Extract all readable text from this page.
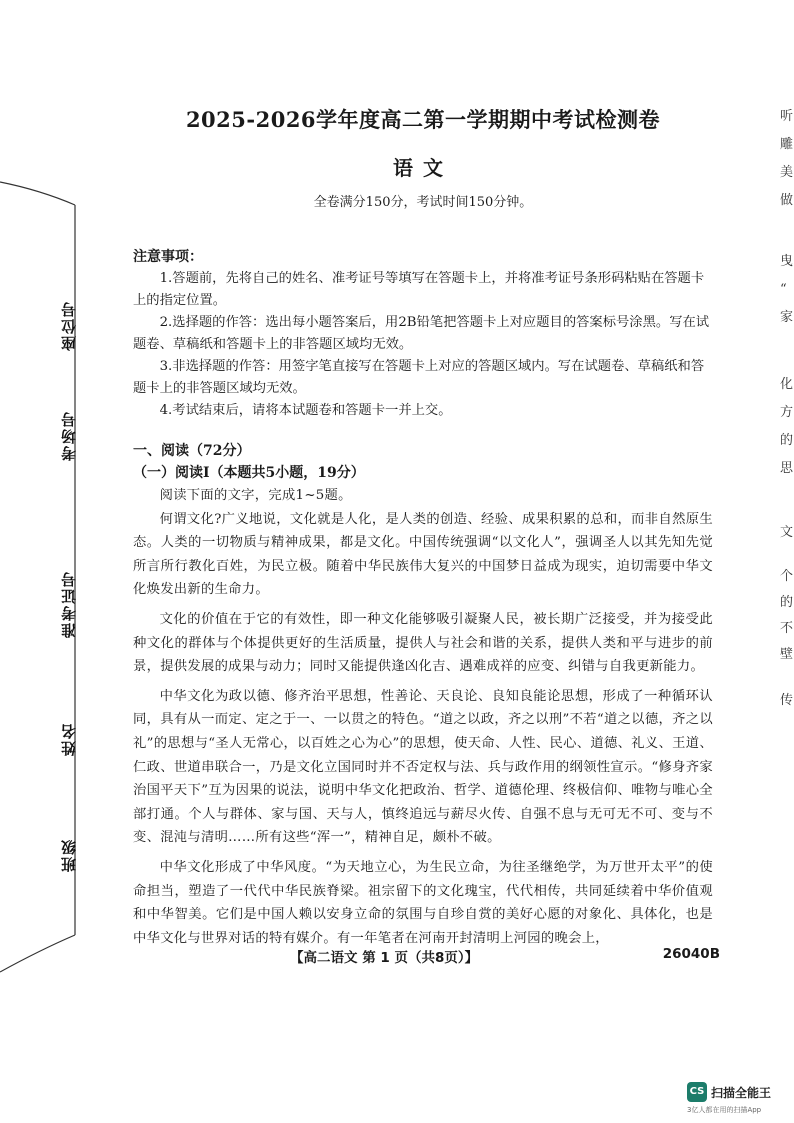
座位号
考场号
准考证号
姓名
班级
听
雕
美
做
曳
“
家
化
方
的
思
文
个
的
不
壁
传
2025-2026学年度高二第一学期期中考试检测卷
语文
全卷满分150分，考试时间150分钟。
注意事项：

1.答题前，先将自己的姓名、准考证号等填写在答题卡上，并将准考证号条形码粘贴在答题卡上的指定位置。

2.选择题的作答：选出每小题答案后，用2B铅笔把答题卡上对应题目的答案标号涂黑。写在试题卷、草稿纸和答题卡上的非答题区域均无效。

3.非选择题的作答：用签字笔直接写在答题卡上对应的答题区域内。写在试题卷、草稿纸和答题卡上的非答题区域均无效。

4.考试结束后，请将本试题卷和答题卡一并上交。

一、阅读（72分）
（一）阅读Ⅰ（本题共5小题，19分）

阅读下面的文字，完成1~5题。

何谓文化?广义地说，文化就是人化，是人类的创造、经验、成果积累的总和，而非自然原生态。人类的一切物质与精神成果，都是文化。中国传统强调“以文化人”，强调圣人以其先知先觉所言所行教化百姓，为民立极。随着中华民族伟大复兴的中国梦日益成为现实，迫切需要中华文化焕发出新的生命力。

文化的价值在于它的有效性，即一种文化能够吸引凝聚人民，被长期广泛接受，并为接受此种文化的群体与个体提供更好的生活质量，提供人与社会和谐的关系，提供人类和平与进步的前景，提供发展的成果与动力；同时又能提供逢凶化吉、遇难成祥的应变、纠错与自我更新能力。

中华文化为政以德、修齐治平思想，性善论、天良论、良知良能论思想，形成了一种循环认同，具有从一而定、定之于一、一以贯之的特色。“道之以政，齐之以刑”不若“道之以德，齐之以礼”的思想与“圣人无常心，以百姓之心为心”的思想，使天命、人性、民心、道德、礼义、王道、仁政、世道串联合一，乃是文化立国同时并不否定权与法、兵与政作用的纲领性宣示。“修身齐家治国平天下”互为因果的说法，说明中华文化把政治、哲学、道德伦理、终极信仰、唯物与唯心全部打通。个人与群体、家与国、天与人，慎终追远与薪尽火传、自强不息与无可无不可、变与不变、混沌与清明……所有这些“浑一”，精神自足，颇朴不破。

中华文化形成了中华风度。“为天地立心，为生民立命，为往圣继绝学，为万世开太平”的使命担当，塑造了一代代中华民族脊梁。祖宗留下的文化瑰宝，代代相传，共同延续着中华价值观和中华智美。它们是中国人赖以安身立命的氛围与自珍自赏的美好心愿的对象化、具体化，也是中华文化与世界对话的特有媒介。有一年笔者在河南开封清明上河园的晚会上，

【高二语文 第 1 页（共8页）】	26040B
CS 扫描全能王
3亿人都在用的扫描App
